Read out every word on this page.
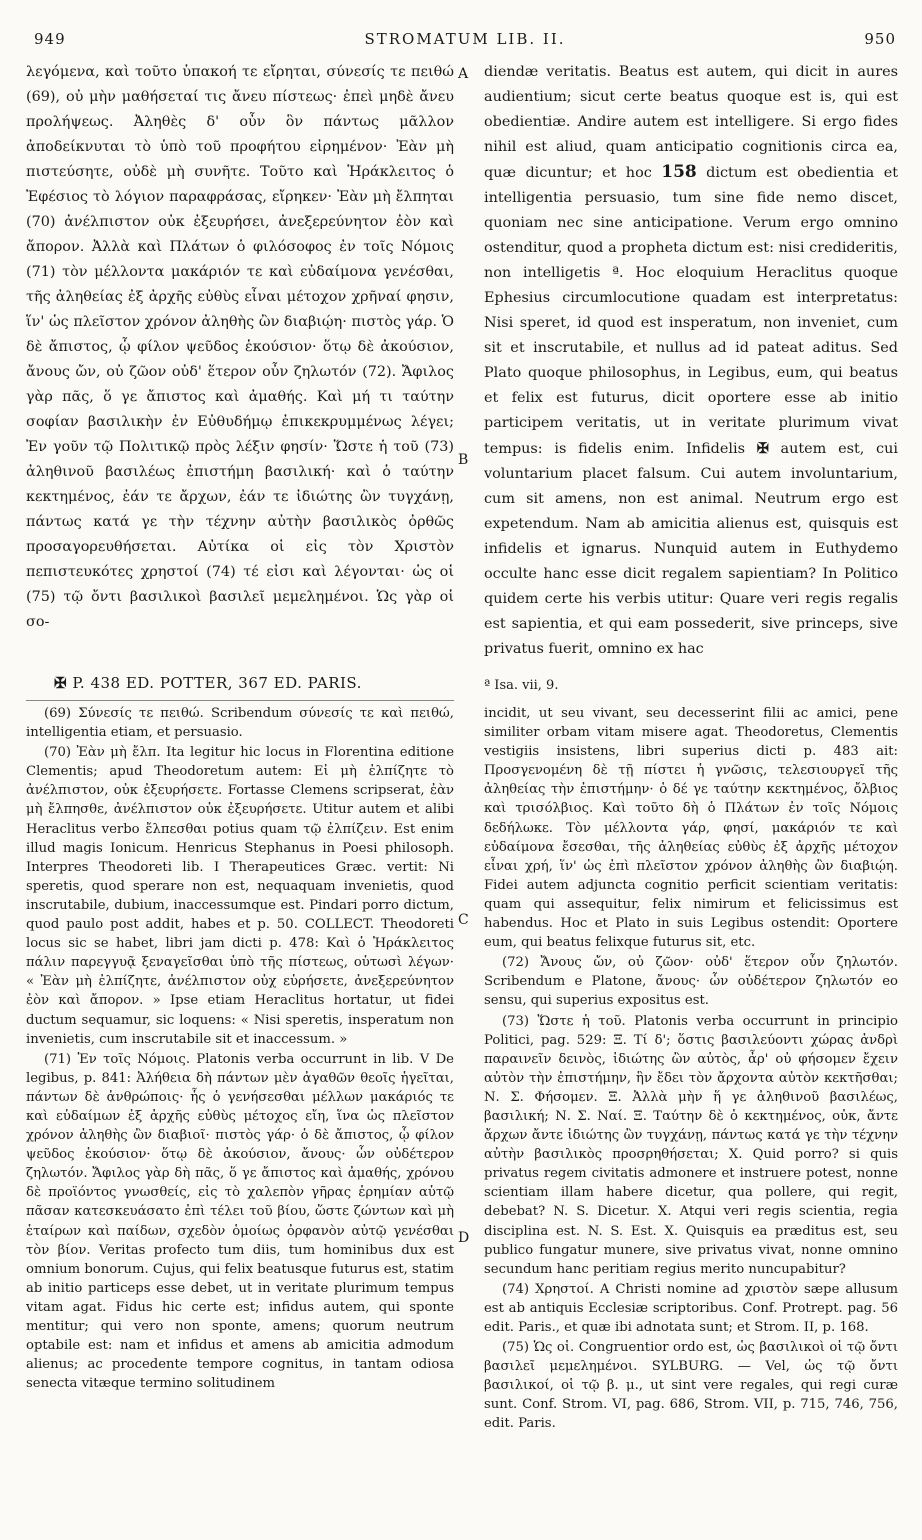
949	STROMATUM LIB. II.	950

λεγόμενα, καὶ τοῦτο ὑπακοή τε εἴρηται, σύνεσίς τε πειθώ (69), οὐ μὴν μαθήσεταί τις ἄνευ πίστεως· ἐπεὶ μηδὲ ἄνευ προλήψεως. Ἀληθὲς δ' οὖν ὃν πάντως μᾶλλον ἀποδείκνυται τὸ ὑπὸ τοῦ προφήτου εἰρημένον· Ἐὰν μὴ πιστεύσητε, οὐδὲ μὴ συνῆτε. Τοῦτο καὶ Ἡράκλειτος ὁ Ἐφέσιος τὸ λόγιον παραφράσας, εἴρηκεν· Ἐὰν μὴ ἔλπηται (70) ἀνέλπιστον οὐκ ἐξευρήσει, ἀνεξερεύνητον ἐὸν καὶ ἄπορον. Ἀλλὰ καὶ Πλάτων ὁ φιλόσοφος ἐν τοῖς Νόμοις (71) τὸν μέλλοντα μακάριόν τε καὶ εὐδαίμονα γενέσθαι, τῆς ἀληθείας ἐξ ἀρχῆς εὐθὺς εἶναι μέτοχον χρῆναί φησιν, ἵν' ὡς πλεῖστον χρόνον ἀληθὴς ὢν διαβιῴη· πιστὸς γάρ. Ὁ δὲ ἄπιστος, ᾧ φίλον ψεῦδος ἑκούσιον· ὅτῳ δὲ ἀκούσιον, ἄνους ὤν, οὐ ζῶον οὐδ' ἕτερον οὖν ζηλωτόν (72). Ἄφιλος γὰρ πᾶς, ὅ γε ἄπιστος καὶ ἀμαθής. Καὶ μή τι ταύτην σοφίαν βασιλικὴν ἐν Εὐθυδήμῳ ἐπικεκρυμμένως λέγει; Ἐν γοῦν τῷ Πολιτικῷ πρὸς λέξιν φησίν· Ὥστε ἡ τοῦ (73) ἀληθινοῦ βασιλέως ἐπιστήμη βασιλική· καὶ ὁ ταύτην κεκτημένος, ἐάν τε ἄρχων, ἐάν τε ἰδιώτης ὢν τυγχάνῃ, πάντως κατά γε τὴν τέχνην αὐτὴν βασιλικὸς ὀρθῶς προσαγορευθήσεται. Αὐτίκα οἱ εἰς τὸν Χριστὸν πεπιστευκότες χρηστοί (74) τέ εἰσι καὶ λέγονται· ὡς οἱ (75) τῷ ὄντι βασιλικοὶ βασιλεῖ μεμελημένοι. Ὡς γὰρ οἱ σο-

A
B
C
D

diendæ veritatis. Beatus est autem, qui dicit in aures audientium; sicut certe beatus quoque est is, qui est obedientiæ. Andire autem est intelligere. Si ergo fides nihil est aliud, quam anticipatio cognitionis circa ea, quæ dicuntur; et hoc 158 dictum est obedientia et intelligentia persuasio, tum sine fide nemo discet, quoniam nec sine anticipatione. Verum ergo omnino ostenditur, quod a propheta dictum est: nisi credideritis, non intelligetis ª. Hoc eloquium Heraclitus quoque Ephesius circumlocutione quadam est interpretatus: Nisi speret, id quod est insperatum, non inveniet, cum sit et inscrutabile, et nullus ad id pateat aditus. Sed Plato quoque philosophus, in Legibus, eum, qui beatus et felix est futurus, dicit oportere esse ab initio participem veritatis, ut in veritate plurimum vivat tempus: is fidelis enim. Infidelis ✠ autem est, cui voluntarium placet falsum. Cui autem involuntarium, cum sit amens, non est animal. Neutrum ergo est expetendum. Nam ab amicitia alienus est, quisquis est infidelis et ignarus. Nunquid autem in Euthydemo occulte hanc esse dicit regalem sapientiam? In Politico quidem certe his verbis utitur: Quare veri regis regalis est sapientia, et qui eam possederit, sive princeps, sive privatus fuerit, omnino ex hac

✠ P. 438 ED. POTTER, 367 ED. PARIS.	ª Isa. vii, 9.

(69) Σύνεσίς τε πειθώ. Scribendum σύνεσίς τε καὶ πειθώ, intelligentia etiam, et persuasio.

(70) Ἐὰν μὴ ἔλπ. Ita legitur hic locus in Florentina editione Clementis; apud Theodoretum autem: Εἰ μὴ ἐλπίζητε τὸ ἀνέλπιστον, οὐκ ἐξευρήσετε. Fortasse Clemens scripserat, ἐὰν μὴ ἔλπησθε, ἀνέλπιστον οὐκ ἐξευρήσετε. Utitur autem et alibi Heraclitus verbo ἔλπεσθαι potius quam τῷ ἐλπίζειν. Est enim illud magis Ionicum. Henricus Stephanus in Poesi philosoph. Interpres Theodoreti lib. I Therapeutices Græc. vertit: Ni speretis, quod sperare non est, nequaquam invenietis, quod inscrutabile, dubium, inaccessumque est. Pindari porro dictum, quod paulo post addit, habes et p. 50. COLLECT. Theodoreti locus sic se habet, libri jam dicti p. 478: Καὶ ὁ Ἡράκλειτος πάλιν παρεγγυᾷ ξεναγεῖσθαι ὑπὸ τῆς πίστεως, οὑτωσὶ λέγων· « Ἐὰν μὴ ἐλπίζητε, ἀνέλπιστον οὐχ εὑρήσετε, ἀνεξερεύνητον ἐὸν καὶ ἄπορον. » Ipse etiam Heraclitus hortatur, ut fidei ductum sequamur, sic loquens: « Nisi speretis, insperatum non invenietis, cum inscrutabile sit et inaccessum. »

(71) Ἐν τοῖς Νόμοις. Platonis verba occurrunt in lib. V De legibus, p. 841: Ἀλήθεια δὴ πάντων μὲν ἀγαθῶν θεοῖς ἡγεῖται, πάντων δὲ ἀνθρώποις· ἧς ὁ γενήσεσθαι μέλλων μακάριός τε καὶ εὐδαίμων ἐξ ἀρχῆς εὐθὺς μέτοχος εἴη, ἵνα ὡς πλεῖστον χρόνον ἀληθὴς ὢν διαβιοῖ· πιστὸς γάρ· ὁ δὲ ἄπιστος, ᾧ φίλον ψεῦδος ἑκούσιον· ὅτῳ δὲ ἀκούσιον, ἄνους· ὧν οὐδέτερον ζηλωτόν. Ἄφιλος γὰρ δὴ πᾶς, ὅ γε ἄπιστος καὶ ἀμαθής, χρόνου δὲ προϊόντος γνωσθείς, εἰς τὸ χαλεπὸν γῆρας ἐρημίαν αὑτῷ πᾶσαν κατεσκευάσατο ἐπὶ τέλει τοῦ βίου, ὥστε ζώντων καὶ μὴ ἑταίρων καὶ παίδων, σχεδὸν ὁμοίως ὀρφανὸν αὐτῷ γενέσθαι τὸν βίον. Veritas profecto tum diis, tum hominibus dux est omnium bonorum. Cujus, qui felix beatusque futurus est, statim ab initio particeps esse debet, ut in veritate plurimum tempus vitam agat. Fidus hic certe est; infidus autem, qui sponte mentitur; qui vero non sponte, amens; quorum neutrum optabile est: nam et infidus et amens ab amicitia admodum alienus; ac procedente tempore cognitus, in tantam odiosa senecta vitæque termino solitudinem

incidit, ut seu vivant, seu decesserint filii ac amici, pene similiter orbam vitam misere agat. Theodoretus, Clementis vestigiis insistens, libri superius dicti p. 483 ait: Προσγενομένη δὲ τῇ πίστει ἡ γνῶσις, τελεσιουργεῖ τῆς ἀληθείας τὴν ἐπιστήμην· ὁ δέ γε ταύτην κεκτημένος, ὄλβιος καὶ τρισόλβιος. Καὶ τοῦτο δὴ ὁ Πλάτων ἐν τοῖς Νόμοις δεδήλωκε. Τὸν μέλλοντα γάρ, φησί, μακάριόν τε καὶ εὐδαίμονα ἔσεσθαι, τῆς ἀληθείας εὐθὺς ἐξ ἀρχῆς μέτοχον εἶναι χρή, ἵν' ὡς ἐπὶ πλεῖστον χρόνον ἀληθὴς ὢν διαβιῴη. Fidei autem adjuncta cognitio perficit scientiam veritatis: quam qui assequitur, felix nimirum et felicissimus est habendus. Hoc et Plato in suis Legibus ostendit: Oportere eum, qui beatus felixque futurus sit, etc.

(72) Ἄνους ὤν, οὐ ζῶον· οὐδ' ἕτερον οὖν ζηλωτόν. Scribendum e Platone, ἄνους· ὧν οὐδέτερον ζηλωτόν eo sensu, qui superius expositus est.

(73) Ὥστε ἡ τοῦ. Platonis verba occurrunt in principio Politici, pag. 529: Ξ. Τί δ'; ὅστις βασιλεύοντι χώρας ἀνδρὶ παραινεῖν δεινὸς, ἰδιώτης ὢν αὐτὸς, ἆρ' οὐ φήσομεν ἔχειν αὐτὸν τὴν ἐπιστήμην, ἣν ἔδει τὸν ἄρχοντα αὐτὸν κεκτῆσθαι; Ν. Σ. Φήσομεν. Ξ. Ἀλλὰ μὴν ἥ γε ἀληθινοῦ βασιλέως, βασιλική; Ν. Σ. Ναί. Ξ. Ταύτην δὲ ὁ κεκτημένος, οὐκ, ἄντε ἄρχων ἄντε ἰδιώτης ὢν τυγχάνῃ, πάντως κατά γε τὴν τέχνην αὐτὴν βασιλικὸς προσρηθήσεται; X. Quid porro? si quis privatus regem civitatis admonere et instruere potest, nonne scientiam illam habere dicetur, qua pollere, qui regit, debebat? N. S. Dicetur. X. Atqui veri regis scientia, regia disciplina est. N. S. Est. X. Quisquis ea præditus est, seu publico fungatur munere, sive privatus vivat, nonne omnino secundum hanc peritiam regius merito nuncupabitur?

(74) Χρηστοί. A Christi nomine ad χριστὸν sæpe allusum est ab antiquis Ecclesiæ scriptoribus. Conf. Protrept. pag. 56 edit. Paris., et quæ ibi adnotata sunt; et Strom. II, p. 168.

(75) Ὡς οἱ. Congruentior ordo est, ὡς βασιλικοὶ οἱ τῷ ὄντι βασιλεῖ μεμελημένοι. SYLBURG. — Vel, ὡς τῷ ὄντι βασιλικοί, οἱ τῷ β. μ., ut sint vere regales, qui regi curæ sunt. Conf. Strom. VI, pag. 686, Strom. VII, p. 715, 746, 756, edit. Paris.
